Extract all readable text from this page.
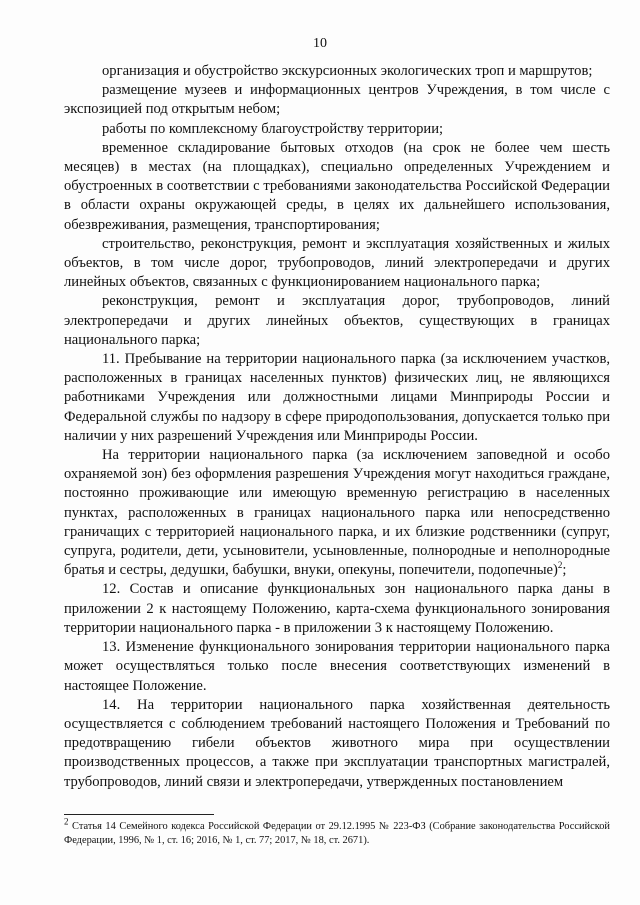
10

организация и обустройство экскурсионных экологических троп и маршрутов;

размещение музеев и информационных центров Учреждения, в том числе с экспозицией под открытым небом;

работы по комплексному благоустройству территории;

временное складирование бытовых отходов (на срок не более чем шесть месяцев) в местах (на площадках), специально определенных Учреждением и обустроенных в соответствии с требованиями законодательства Российской Федерации в области охраны окружающей среды, в целях их дальнейшего использования, обезвреживания, размещения, транспортирования;

строительство, реконструкция, ремонт и эксплуатация хозяйственных и жилых объектов, в том числе дорог, трубопроводов, линий электропередачи и других линейных объектов, связанных с функционированием национального парка;

реконструкция, ремонт и эксплуатация дорог, трубопроводов, линий электропередачи и других линейных объектов, существующих в границах национального парка;

11. Пребывание на территории национального парка (за исключением участков, расположенных в границах населенных пунктов) физических лиц, не являющихся работниками Учреждения или должностными лицами Минприроды России и Федеральной службы по надзору в сфере природопользования, допускается только при наличии у них разрешений Учреждения или Минприроды России.

На территории национального парка (за исключением заповедной и особо охраняемой зон) без оформления разрешения Учреждения могут находиться граждане, постоянно проживающие или имеющую временную регистрацию в населенных пунктах, расположенных в границах национального парка или непосредственно граничащих с территорией национального парка, и их близкие родственники (супруг, супруга, родители, дети, усыновители, усыновленные, полнородные и неполнородные братья и сестры, дедушки, бабушки, внуки, опекуны, попечители, подопечные)$^2$;

12. Состав и описание функциональных зон национального парка даны в приложении 2 к настоящему Положению, карта-схема функционального зонирования территории национального парка - в приложении 3 к настоящему Положению.

13. Изменение функционального зонирования территории национального парка может осуществляться только после внесения соответствующих изменений в настоящее Положение.

14. На территории национального парка хозяйственная деятельность осуществляется с соблюдением требований настоящего Положения и Требований по предотвращению гибели объектов животного мира при осуществлении производственных процессов, а также при эксплуатации транспортных магистралей, трубопроводов, линий связи и электропередачи, утвержденных постановлением

$^2$ Статья 14 Семейного кодекса Российской Федерации от 29.12.1995 № 223-ФЗ (Собрание законодательства Российской Федерации, 1996, № 1, ст. 16; 2016, № 1, ст. 77; 2017, № 18, ст. 2671).
